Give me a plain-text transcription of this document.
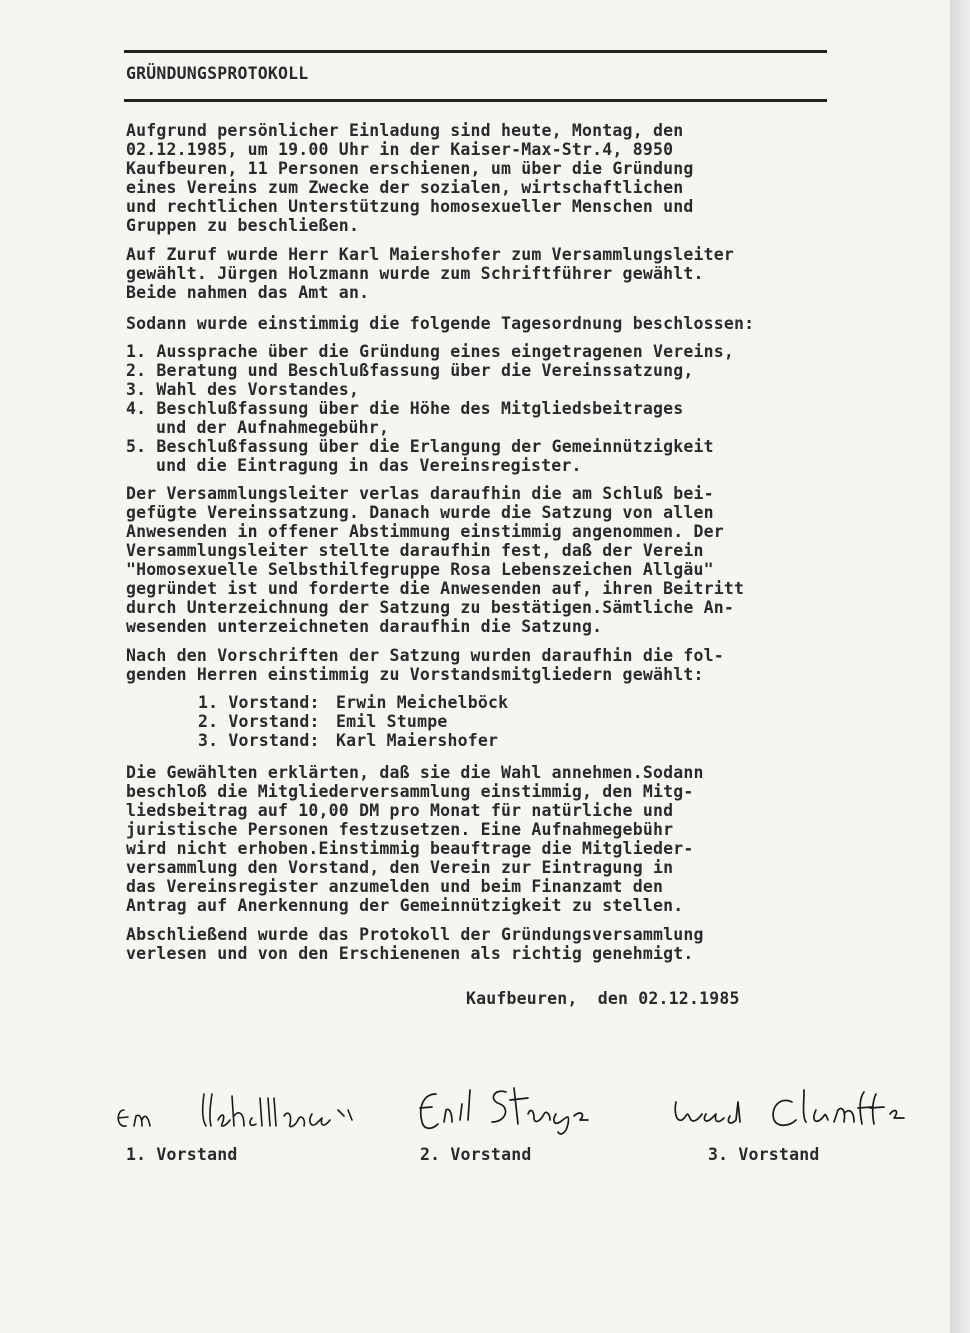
GRÜNDUNGSPROTOKOLL
Aufgrund persönlicher Einladung sind heute, Montag, den
02.12.1985, um 19.00 Uhr in der Kaiser-Max-Str.4, 8950
Kaufbeuren, 11 Personen erschienen, um über die Gründung
eines Vereins zum Zwecke der sozialen, wirtschaftlichen
und rechtlichen Unterstützung homosexueller Menschen und
Gruppen zu beschließen.
Auf Zuruf wurde Herr Karl Maiershofer zum Versammlungsleiter
gewählt. Jürgen Holzmann wurde zum Schriftführer gewählt.
Beide nahmen das Amt an.
Sodann wurde einstimmig die folgende Tagesordnung beschlossen:
1. Aussprache über die Gründung eines eingetragenen Vereins,
2. Beratung und Beschlußfassung über die Vereinssatzung,
3. Wahl des Vorstandes,
4. Beschlußfassung über die Höhe des Mitgliedsbeitrages
und der Aufnahmegebühr,
5. Beschlußfassung über die Erlangung der Gemeinnützigkeit
und die Eintragung in das Vereinsregister.
Der Versammlungsleiter verlas daraufhin die am Schluß bei-
gefügte Vereinssatzung. Danach wurde die Satzung von allen
Anwesenden in offener Abstimmung einstimmig angenommen. Der
Versammlungsleiter stellte daraufhin fest, daß der Verein
"Homosexuelle Selbsthilfegruppe Rosa Lebenszeichen Allgäu"
gegründet ist und forderte die Anwesenden auf, ihren Beitritt
durch Unterzeichnung der Satzung zu bestätigen.Sämtliche An-
wesenden unterzeichneten daraufhin die Satzung.
Nach den Vorschriften der Satzung wurden daraufhin die fol-
genden Herren einstimmig zu Vorstandsmitgliedern gewählt:
1. Vorstand: Erwin Meichelböck
2. Vorstand: Emil Stumpe
3. Vorstand: Karl Maiershofer
Die Gewählten erklärten, daß sie die Wahl annehmen.Sodann
beschloß die Mitgliederversammlung einstimmig, den Mitg-
liedsbeitrag auf 10,00 DM pro Monat für natürliche und
juristische Personen festzusetzen. Eine Aufnahmegebühr
wird nicht erhoben.Einstimmig beauftrage die Mitglieder-
versammlung den Vorstand, den Verein zur Eintragung in
das Vereinsregister anzumelden und beim Finanzamt den
Antrag auf Anerkennung der Gemeinnützigkeit zu stellen.
Abschließend wurde das Protokoll der Gründungsversammlung
verlesen und von den Erschienenen als richtig genehmigt.
Kaufbeuren,  den 02.12.1985
1. Vorstand	2. Vorstand	3. Vorstand
